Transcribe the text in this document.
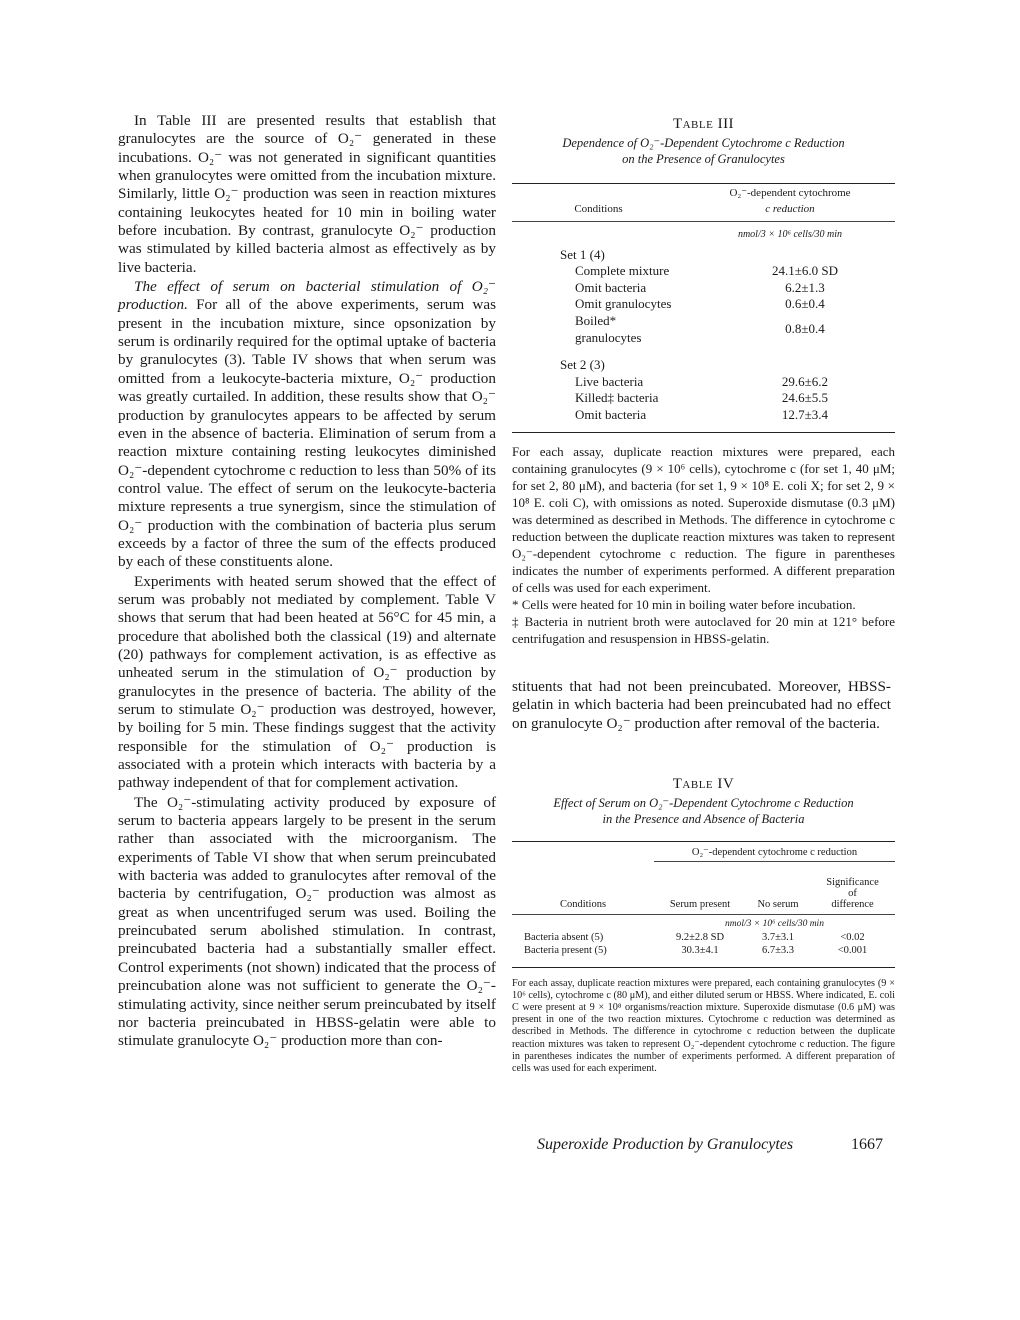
In Table III are presented results that establish that granulocytes are the source of O₂⁻ generated in these incubations. O₂⁻ was not generated in significant quantities when granulocytes were omitted from the incubation mixture. Similarly, little O₂⁻ production was seen in reaction mixtures containing leukocytes heated for 10 min in boiling water before incubation. By contrast, granulocyte O₂⁻ production was stimulated by killed bacteria almost as effectively as by live bacteria.

The effect of serum on bacterial stimulation of O₂⁻ production. For all of the above experiments, serum was present in the incubation mixture, since opsonization by serum is ordinarily required for the optimal uptake of bacteria by granulocytes (3). Table IV shows that when serum was omitted from a leukocyte-bacteria mixture, O₂⁻ production was greatly curtailed. In addition, these results show that O₂⁻ production by granulocytes appears to be affected by serum even in the absence of bacteria. Elimination of serum from a reaction mixture containing resting leukocytes diminished O₂⁻-dependent cytochrome c reduction to less than 50% of its control value. The effect of serum on the leukocyte-bacteria mixture represents a true synergism, since the stimulation of O₂⁻ production with the combination of bacteria plus serum exceeds by a factor of three the sum of the effects produced by each of these constituents alone.

Experiments with heated serum showed that the effect of serum was probably not mediated by complement. Table V shows that serum that had been heated at 56°C for 45 min, a procedure that abolished both the classical (19) and alternate (20) pathways for complement activation, is as effective as unheated serum in the stimulation of O₂⁻ production by granulocytes in the presence of bacteria. The ability of the serum to stimulate O₂⁻ production was destroyed, however, by boiling for 5 min. These findings suggest that the activity responsible for the stimulation of O₂⁻ production is associated with a protein which interacts with bacteria by a pathway independent of that for complement activation.

The O₂⁻-stimulating activity produced by exposure of serum to bacteria appears largely to be present in the serum rather than associated with the microorganism. The experiments of Table VI show that when serum preincubated with bacteria was added to granulocytes after removal of the bacteria by centrifugation, O₂⁻ production was almost as great as when uncentrifuged serum was used. Boiling the preincubated serum abolished stimulation. In contrast, preincubated bacteria had a substantially smaller effect. Control experiments (not shown) indicated that the process of preincubation alone was not sufficient to generate the O₂⁻-stimulating activity, since neither serum preincubated by itself nor bacteria preincubated in HBSS-gelatin were able to stimulate granulocyte O₂⁻ production more than con-

Table III
Dependence of O₂⁻-Dependent Cytochrome c Reduction
on the Presence of Granulocytes

Conditions	O₂⁻-dependent cytochrome
c reduction

	nmol/3 × 10⁶ cells/30 min
Set 1 (4)	
Complete mixture	24.1±6.0 SD
Omit bacteria	6.2±1.3
Omit granulocytes	0.6±0.4
Boiled* granulocytes	0.8±0.4

Set 2 (3)	
Live bacteria	29.6±6.2
Killed‡ bacteria	24.6±5.5
Omit bacteria	12.7±3.4

For each assay, duplicate reaction mixtures were prepared, each containing granulocytes (9 × 10⁶ cells), cytochrome c (for set 1, 40 μM; for set 2, 80 μM), and bacteria (for set 1, 9 × 10⁸ E. coli X; for set 2, 9 × 10⁸ E. coli C), with omissions as noted. Superoxide dismutase (0.3 μM) was determined as described in Methods. The difference in cytochrome c reduction between the duplicate reaction mixtures was taken to represent O₂⁻-dependent cytochrome c reduction. The figure in parentheses indicates the number of experiments performed. A different preparation of cells was used for each experiment.

* Cells were heated for 10 min in boiling water before incubation.

‡ Bacteria in nutrient broth were autoclaved for 20 min at 121° before centrifugation and resuspension in HBSS-gelatin.

stituents that had not been preincubated. Moreover, HBSS-gelatin in which bacteria had been preincubated had no effect on granulocyte O₂⁻ production after removal of the bacteria.

Table IV
Effect of Serum on O₂⁻-Dependent Cytochrome c Reduction
in the Presence and Absence of Bacteria

	O₂⁻-dependent cytochrome c reduction		
Conditions	Serum present	No serum	Significance
of
difference

	nmol/3 × 10⁶ cells/30 min		
Bacteria absent (5)	9.2±2.8 SD	3.7±3.1	<0.02
Bacteria present (5)	30.3±4.1	6.7±3.3	<0.001

For each assay, duplicate reaction mixtures were prepared, each containing granulocytes (9 × 10⁶ cells), cytochrome c (80 μM), and either diluted serum or HBSS. Where indicated, E. coli C were present at 9 × 10⁸ organisms/reaction mixture. Superoxide dismutase (0.6 μM) was present in one of the two reaction mixtures. Cytochrome c reduction was determined as described in Methods. The difference in cytochrome c reduction between the duplicate reaction mixtures was taken to represent O₂⁻-dependent cytochrome c reduction. The figure in parentheses indicates the number of experiments performed. A different preparation of cells was used for each experiment.
Superoxide Production by Granulocytes	1667
